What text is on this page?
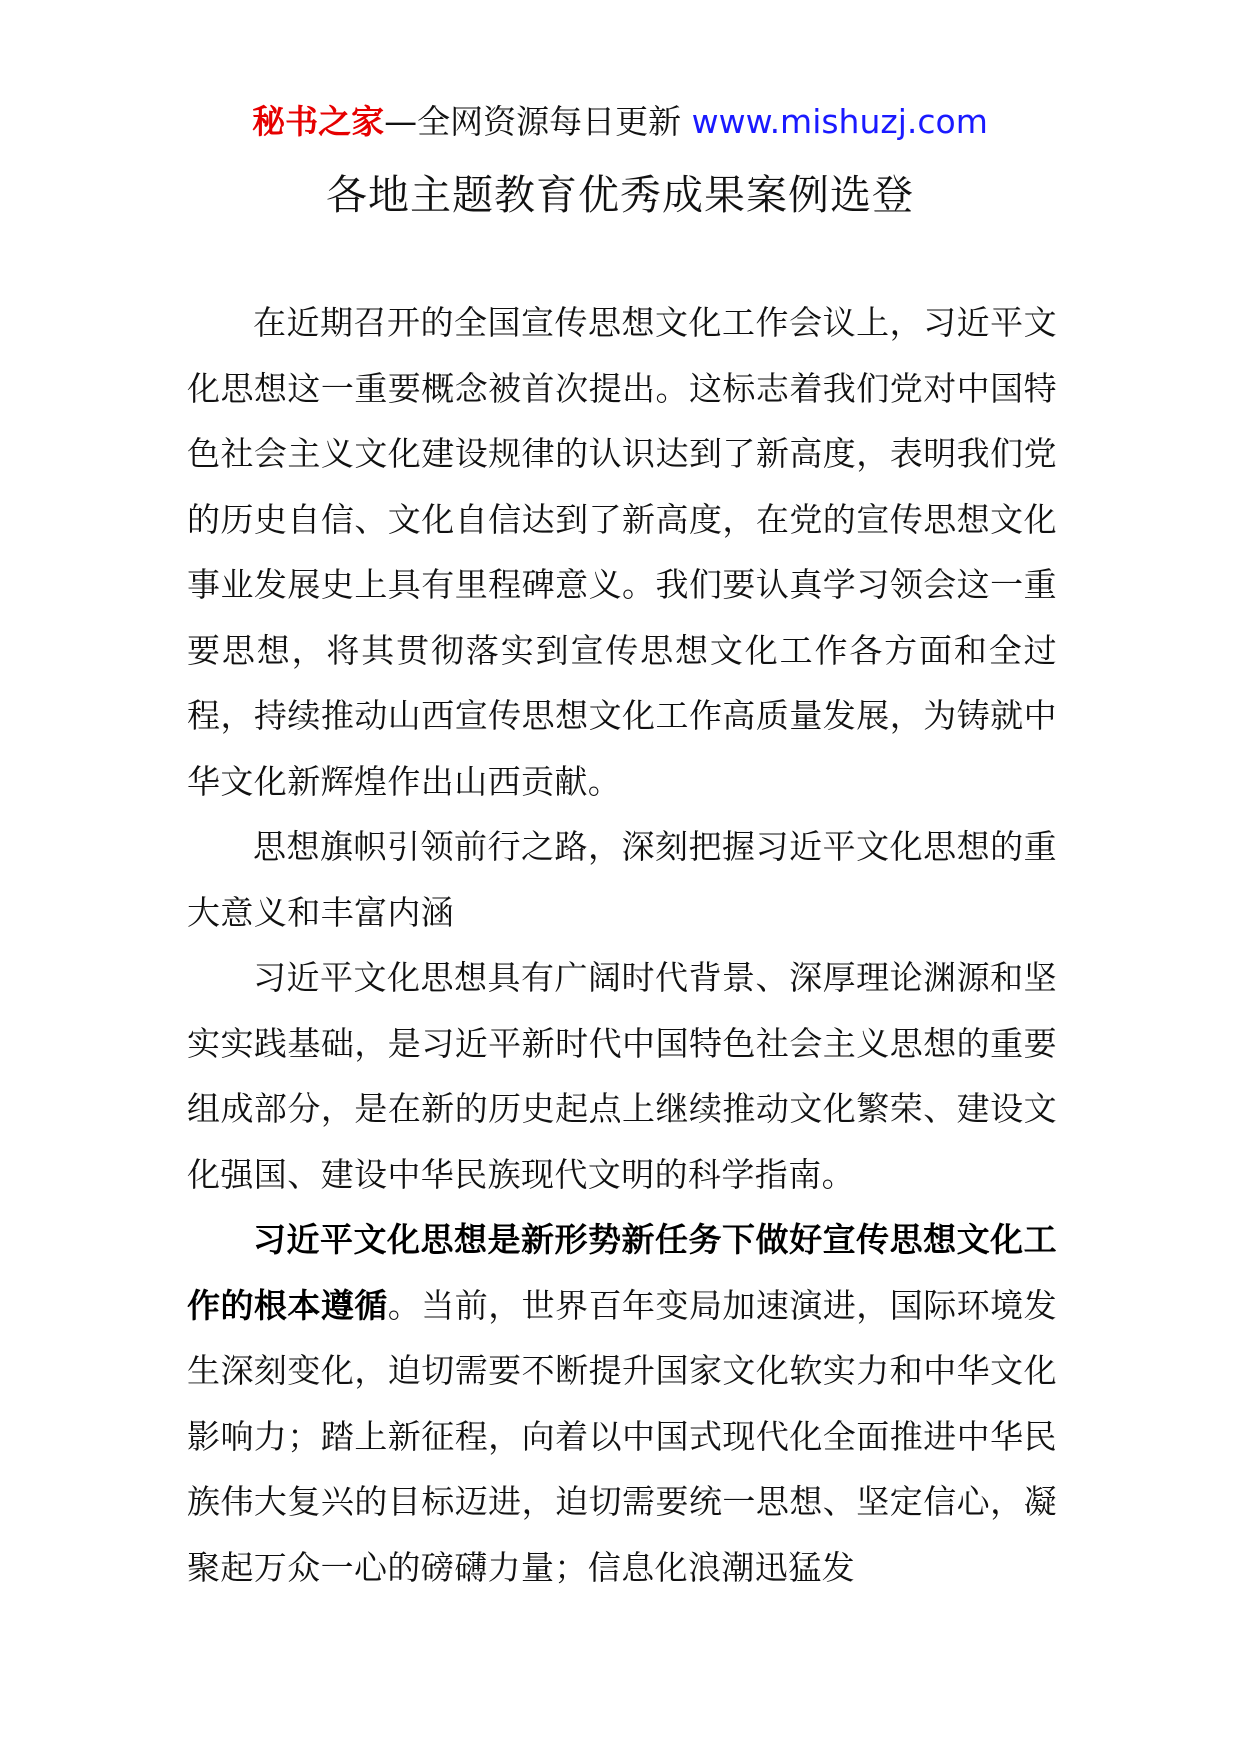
秘书之家—全网资源每日更新 www.mishuzj.com
各地主题教育优秀成果案例选登

在近期召开的全国宣传思想文化工作会议上，习近平文化思想这一重要概念被首次提出。这标志着我们党对中国特色社会主义文化建设规律的认识达到了新高度，表明我们党的历史自信、文化自信达到了新高度，在党的宣传思想文化事业发展史上具有里程碑意义。我们要认真学习领会这一重要思想，将其贯彻落实到宣传思想文化工作各方面和全过程，持续推动山西宣传思想文化工作高质量发展，为铸就中华文化新辉煌作出山西贡献。

思想旗帜引领前行之路，深刻把握习近平文化思想的重大意义和丰富内涵

习近平文化思想具有广阔时代背景、深厚理论渊源和坚实实践基础，是习近平新时代中国特色社会主义思想的重要组成部分，是在新的历史起点上继续推动文化繁荣、建设文化强国、建设中华民族现代文明的科学指南。

习近平文化思想是新形势新任务下做好宣传思想文化工作的根本遵循。当前，世界百年变局加速演进，国际环境发生深刻变化，迫切需要不断提升国家文化软实力和中华文化影响力；踏上新征程，向着以中国式现代化全面推进中华民族伟大复兴的目标迈进，迫切需要统一思想、坚定信心，凝聚起万众一心的磅礴力量；信息化浪潮迅猛发
